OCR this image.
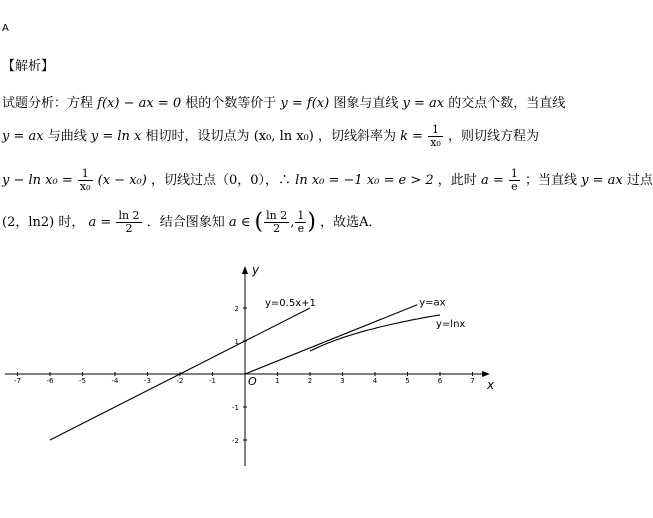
A
【解析】
试题分析：方程 f(x) − ax = 0 根的个数等价于 y = f(x) 图象与直线 y = ax 的交点个数，当直线
y = ax 与曲线 y = ln x 相切时，设切点为 (x₀, ln x₀) ，切线斜率为 $k = \frac{1}{\text{x₀}}$ ，则切线方程为
$y - \ln x_0 = \frac{1}{\text{x₀}} (x - x_0)$ ，切线过点（0，0），∴ ln x₀ = −1 x₀ = e > 2 ，此时 $a = \frac{1}{e}$ ；当直线 y = ax 过点
(2，ln2) 时， $a = \frac{\ln 2}{2}$ ．结合图象知 a ∈ ( $\frac{\ln 2}{2}$ , $\frac{1}{e}$ ) ，故选A．
-7	-6	-5	-4	-3	-2	-1	1	2	3	4	5	6	7
2
1
-1
-2
y=0.5x+1	y=ax
y=lnx
x
y
O
